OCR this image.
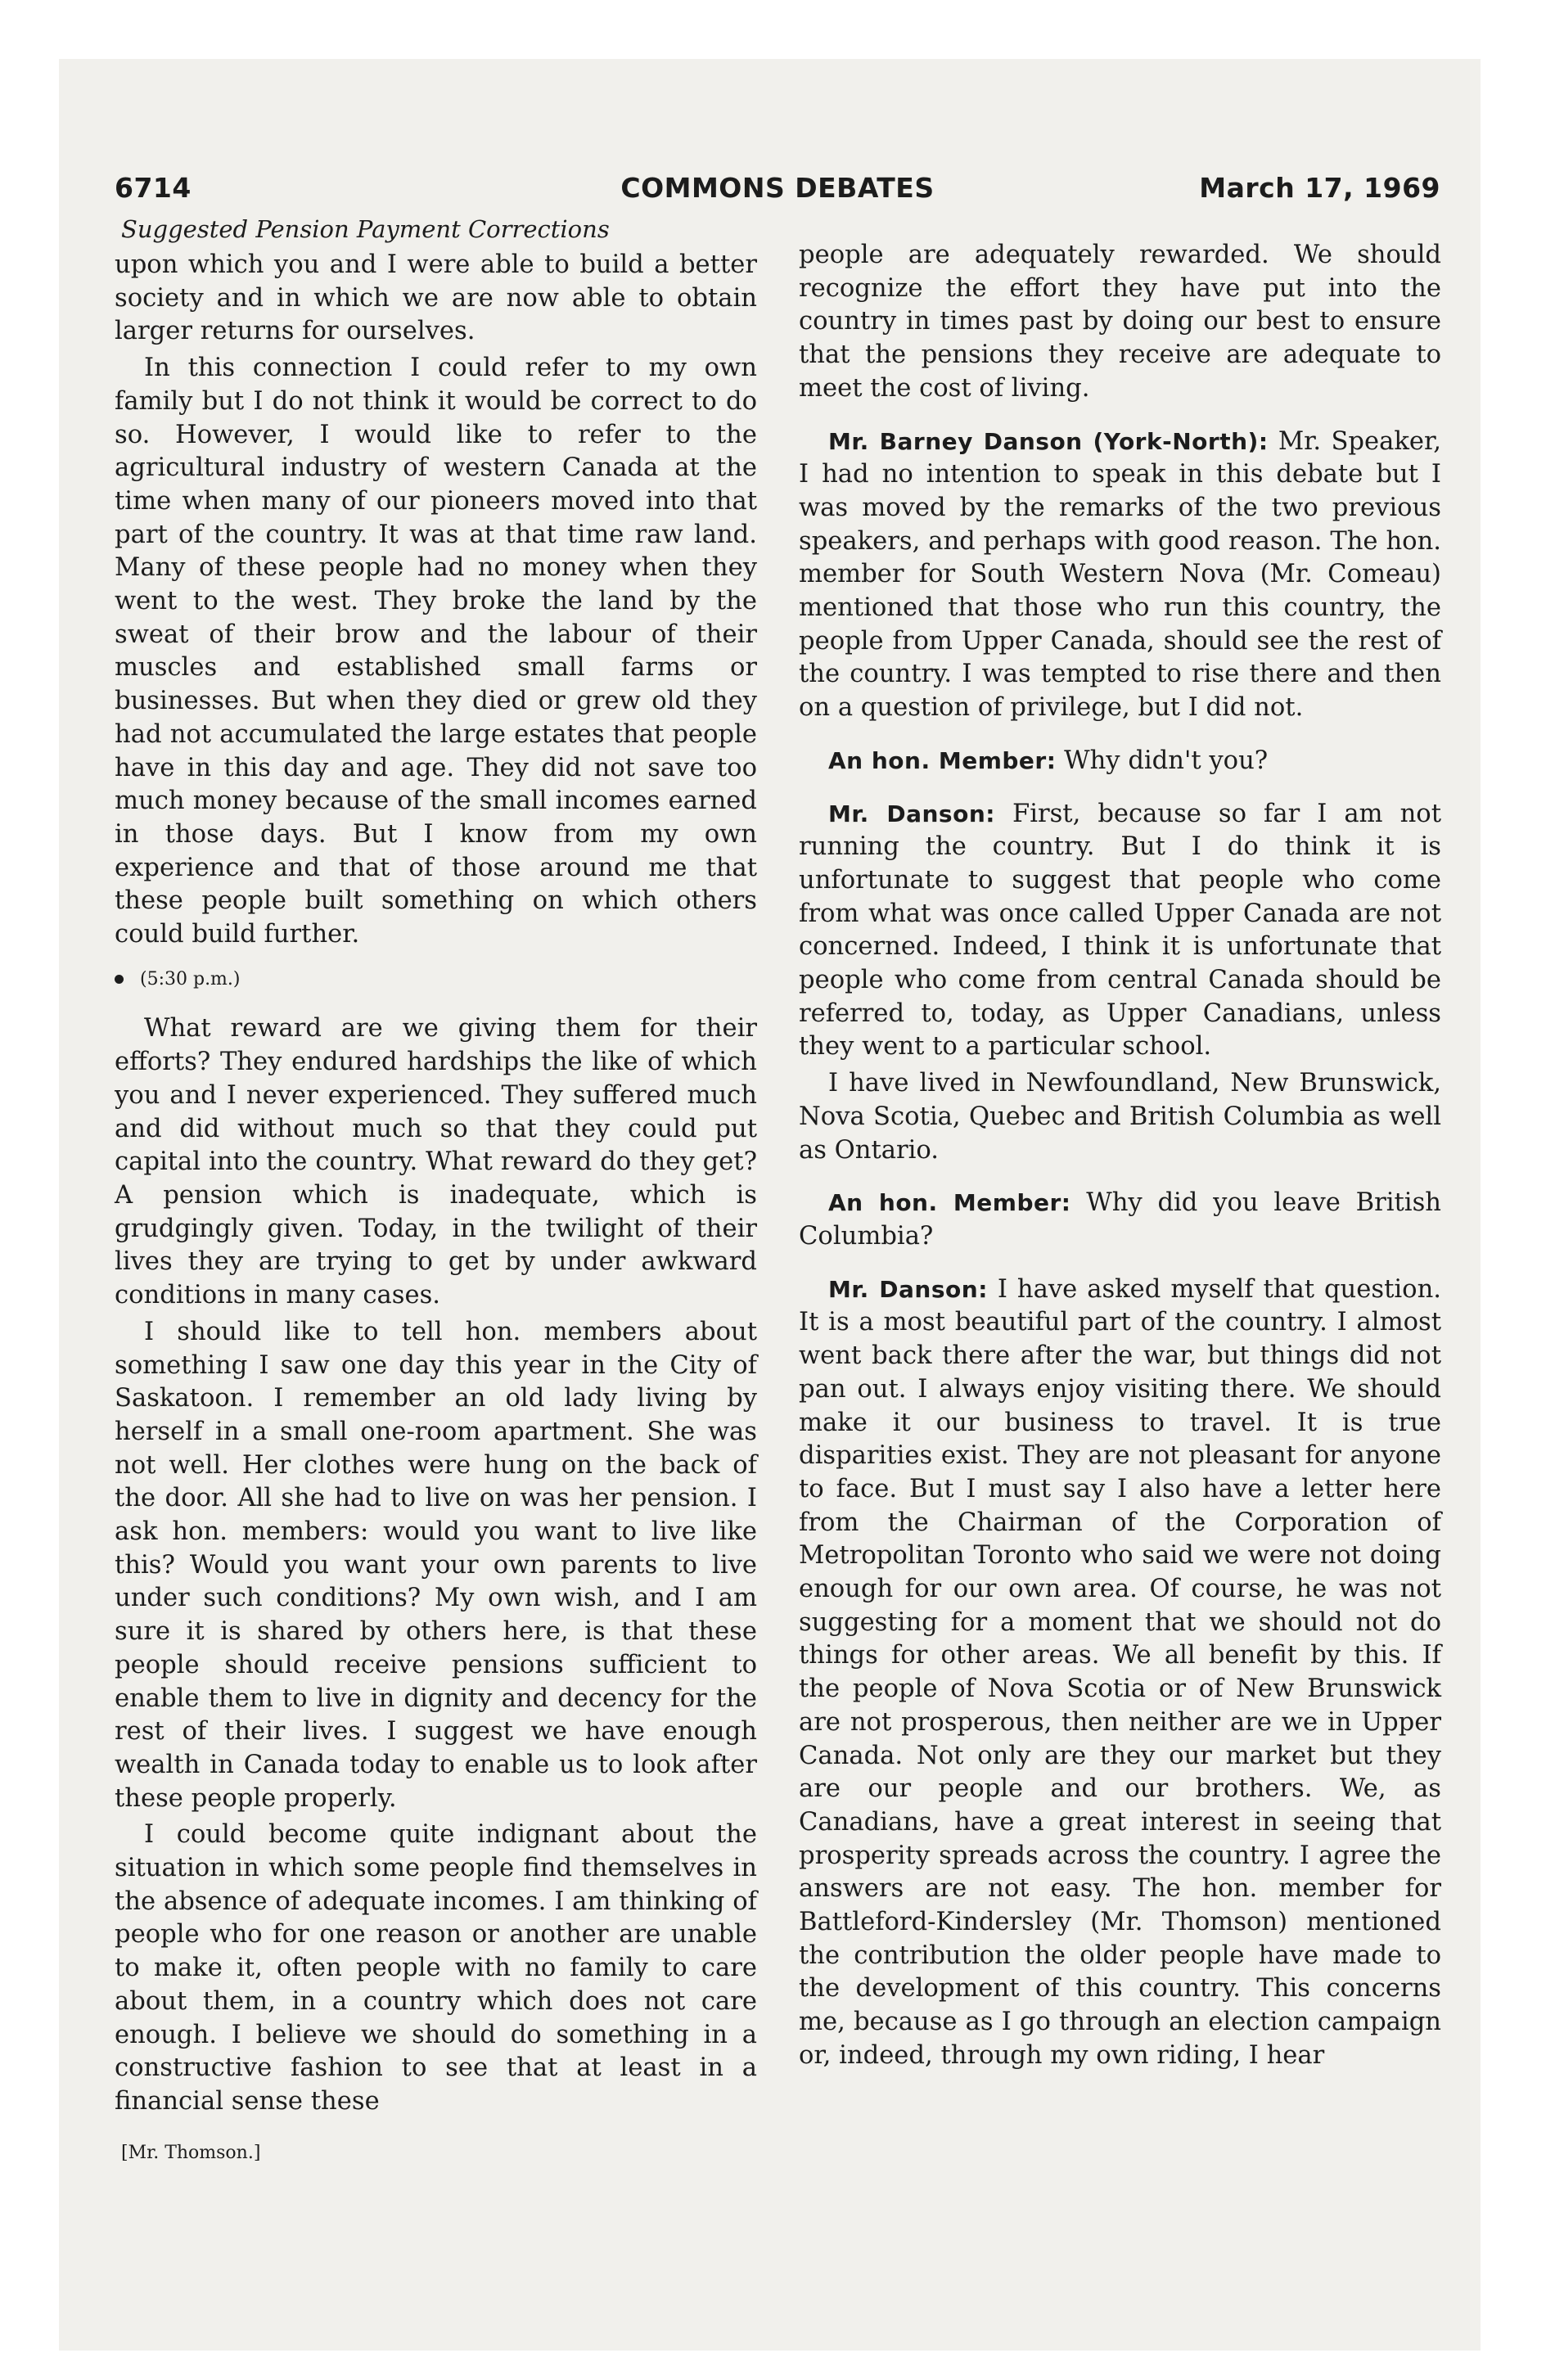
6714	COMMONS DEBATES	March 17, 1969
Suggested Pension Payment Corrections

upon which you and I were able to build a better society and in which we are now able to obtain larger returns for ourselves.

In this connection I could refer to my own family but I do not think it would be correct to do so. However, I would like to refer to the agricultural industry of western Canada at the time when many of our pioneers moved into that part of the country. It was at that time raw land. Many of these people had no money when they went to the west. They broke the land by the sweat of their brow and the labour of their muscles and established small farms or businesses. But when they died or grew old they had not accumulated the large estates that people have in this day and age. They did not save too much money because of the small incomes earned in those days. But I know from my own experience and that of those around me that these people built something on which others could build further.

(5:30 p.m.)

What reward are we giving them for their efforts? They endured hardships the like of which you and I never experienced. They suffered much and did without much so that they could put capital into the country. What reward do they get? A pension which is inadequate, which is grudgingly given. Today, in the twilight of their lives they are trying to get by under awkward conditions in many cases.

I should like to tell hon. members about something I saw one day this year in the City of Saskatoon. I remember an old lady living by herself in a small one-room apartment. She was not well. Her clothes were hung on the back of the door. All she had to live on was her pension. I ask hon. members: would you want to live like this? Would you want your own parents to live under such conditions? My own wish, and I am sure it is shared by others here, is that these people should receive pensions sufficient to enable them to live in dignity and decency for the rest of their lives. I suggest we have enough wealth in Canada today to enable us to look after these people properly.

I could become quite indignant about the situation in which some people find themselves in the absence of adequate incomes. I am thinking of people who for one reason or another are unable to make it, often people with no family to care about them, in a country which does not care enough. I believe we should do something in a constructive fashion to see that at least in a financial sense these

[Mr. Thomson.]

people are adequately rewarded. We should recognize the effort they have put into the country in times past by doing our best to ensure that the pensions they receive are adequate to meet the cost of living.

Mr. Barney Danson (York-North): Mr. Speaker, I had no intention to speak in this debate but I was moved by the remarks of the two previous speakers, and perhaps with good reason. The hon. member for South Western Nova (Mr. Comeau) mentioned that those who run this country, the people from Upper Canada, should see the rest of the country. I was tempted to rise there and then on a question of privilege, but I did not.

An hon. Member: Why didn't you?

Mr. Danson: First, because so far I am not running the country. But I do think it is unfortunate to suggest that people who come from what was once called Upper Canada are not concerned. Indeed, I think it is unfortunate that people who come from central Canada should be referred to, today, as Upper Canadians, unless they went to a particular school.

I have lived in Newfoundland, New Brunswick, Nova Scotia, Quebec and British Columbia as well as Ontario.

An hon. Member: Why did you leave British Columbia?

Mr. Danson: I have asked myself that question. It is a most beautiful part of the country. I almost went back there after the war, but things did not pan out. I always enjoy visiting there. We should make it our business to travel. It is true disparities exist. They are not pleasant for anyone to face. But I must say I also have a letter here from the Chairman of the Corporation of Metropolitan Toronto who said we were not doing enough for our own area. Of course, he was not suggesting for a moment that we should not do things for other areas. We all benefit by this. If the people of Nova Scotia or of New Brunswick are not prosperous, then neither are we in Upper Canada. Not only are they our market but they are our people and our brothers. We, as Canadians, have a great interest in seeing that prosperity spreads across the country. I agree the answers are not easy. The hon. member for Battleford-Kindersley (Mr. Thomson) mentioned the contribution the older people have made to the development of this country. This concerns me, because as I go through an election campaign or, indeed, through my own riding, I hear
